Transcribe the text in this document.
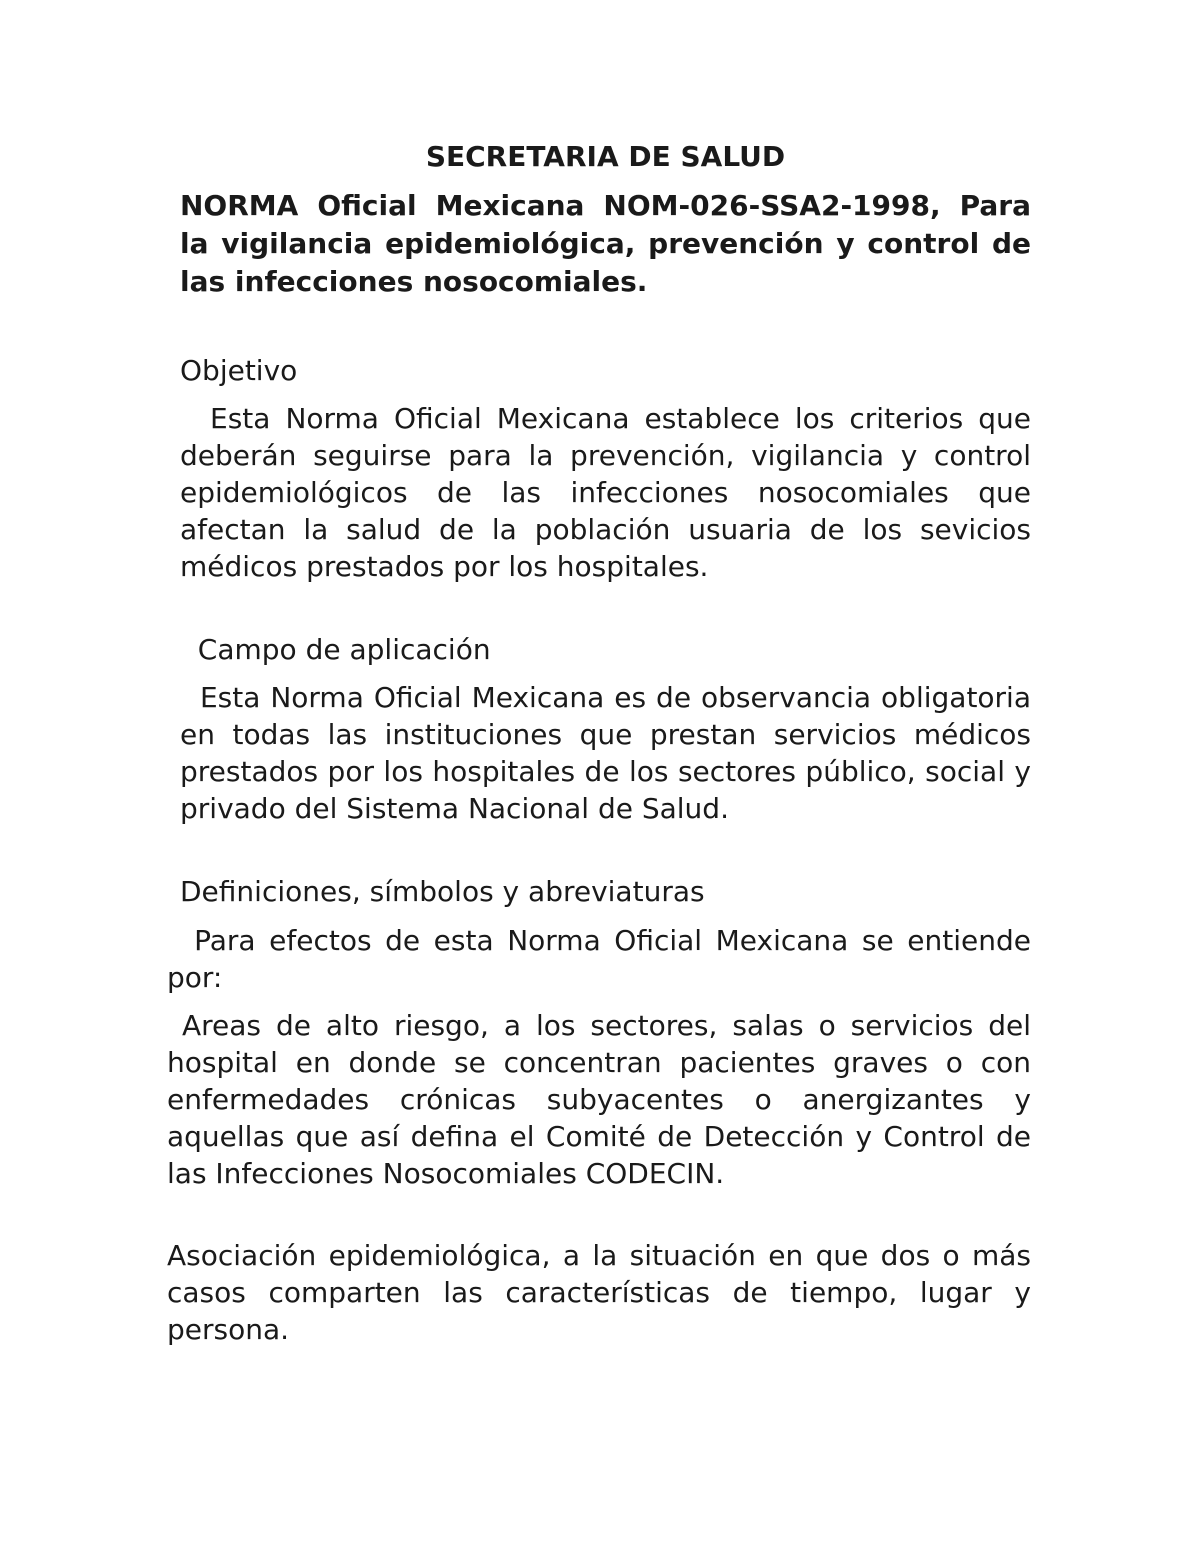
SECRETARIA DE SALUD
NORMA Oficial Mexicana NOM-026-SSA2-1998, Para la vigilancia epidemiológica, prevención y control de las infecciones nosocomiales.

Objetivo

Esta Norma Oficial Mexicana establece los criterios que deberán seguirse para la prevención, vigilancia y control epidemiológicos de las infecciones nosocomiales que afectan la salud de la población usuaria de los sevicios médicos prestados por los hospitales.

Campo de aplicación

Esta Norma Oficial Mexicana es de observancia obligatoria en todas las instituciones que prestan servicios médicos prestados por los hospitales de los sectores público, social y privado del Sistema Nacional de Salud.

Definiciones, símbolos y abreviaturas

Para efectos de esta Norma Oficial Mexicana se entiende por:

Areas de alto riesgo, a los sectores, salas o servicios del hospital en donde se concentran pacientes graves o con enfermedades crónicas subyacentes o anergizantes y aquellas que así defina el Comité de Detección y Control de las Infecciones Nosocomiales CODECIN.

Asociación epidemiológica, a la situación en que dos o más casos comparten las características de tiempo, lugar y persona.
